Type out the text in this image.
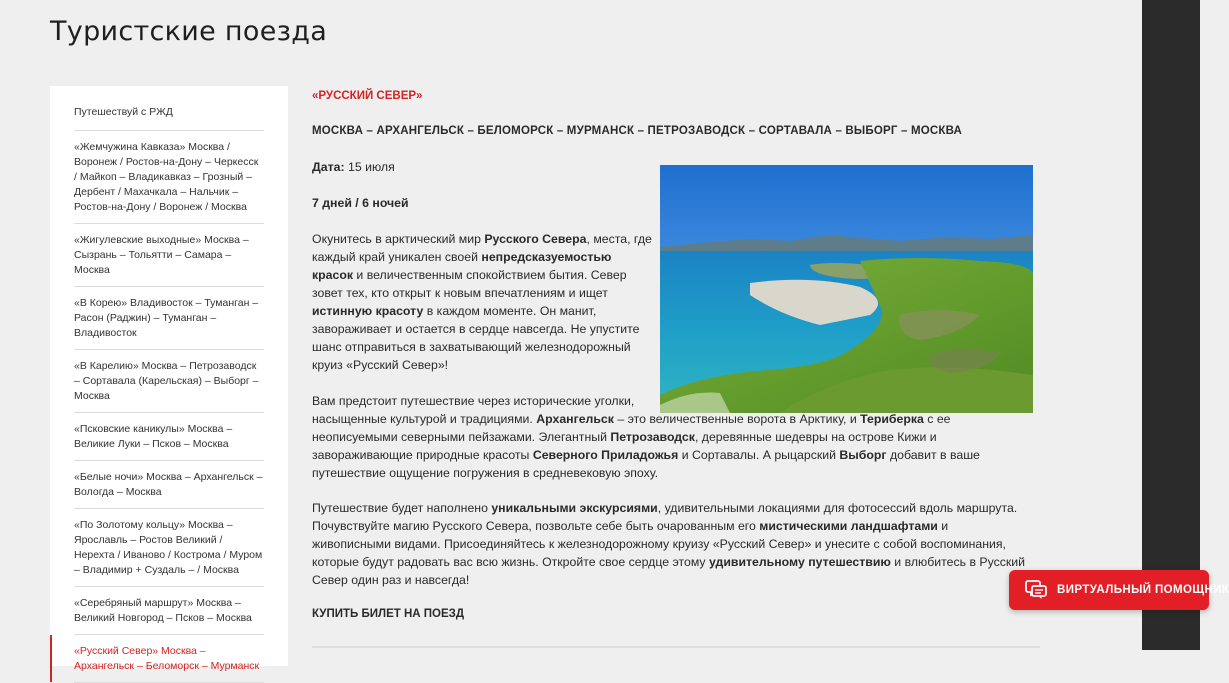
Туристские поезда
Путешествуй с РЖД
«Жемчужина Кавказа» Москва / Воронеж / Ростов-на-Дону – Черкесск / Майкоп – Владикавказ – Грозный – Дербент / Махачкала – Нальчик – Ростов-на-Дону / Воронеж / Москва
«Жигулевские выходные» Москва – Сызрань – Тольятти – Самара – Москва
«В Корею» Владивосток – Туманган – Расон (Раджин) – Туманган – Владивосток
«В Карелию» Москва – Петрозаводск – Сортавала (Карельская) – Выборг – Москва
«Псковские каникулы» Москва – Великие Луки – Псков – Москва
«Белые ночи» Москва – Архангельск – Вологда – Москва
«По Золотому кольцу» Москва – Ярославль – Ростов Великий / Нерехта / Иваново / Кострома / Муром – Владимир + Суздаль – / Москва
«Серебряный маршрут» Москва – Великий Новгород – Псков – Москва
«Русский Север» Москва – Архангельск – Беломорск – Мурманск
«РУССКИЙ СЕВЕР»
МОСКВА – АРХАНГЕЛЬСК – БЕЛОМОРСК – МУРМАНСК – ПЕТРОЗАВОДСК – СОРТАВАЛА – ВЫБОРГ – МОСКВА
Дата: 15 июля
7 дней / 6 ночей

Окунитесь в арктический мир Русского Севера, места, где каждый край уникален своей непредсказуемостью красок и величественным спокойствием бытия. Север зовет тех, кто открыт к новым впечатлениям и ищет истинную красоту в каждом моменте. Он манит, завораживает и остается в сердце навсегда. Не упустите шанс отправиться в захватывающий железнодорожный круиз «Русский Север»!

Вам предстоит путешествие через исторические уголки,
насыщенные культурой и традициями. Архангельск – это величественные ворота в Арктику, и Териберка с ее неописуемыми северными пейзажами. Элегантный Петрозаводск, деревянные шедевры на острове Кижи и завораживающие природные красоты Северного Приладожья и Сортавалы. А рыцарский Выборг добавит в ваше путешествие ощущение погружения в средневековую эпоху.

Путешествие будет наполнено уникальными экскурсиями, удивительными локациями для фотосессий вдоль маршрута. Почувствуйте магию Русского Севера, позвольте себе быть очарованным его мистическими ландшафтами и живописными видами. Присоединяйтесь к железнодорожному круизу «Русский Север» и унесите с собой воспоминания, которые будут радовать вас всю жизнь. Откройте свое сердце этому удивительному путешествию и влюбитесь в Русский Север один раз и навсегда!

КУПИТЬ БИЛЕТ НА ПОЕЗД
ВИРТУАЛЬНЫЙ ПОМОЩНИК
